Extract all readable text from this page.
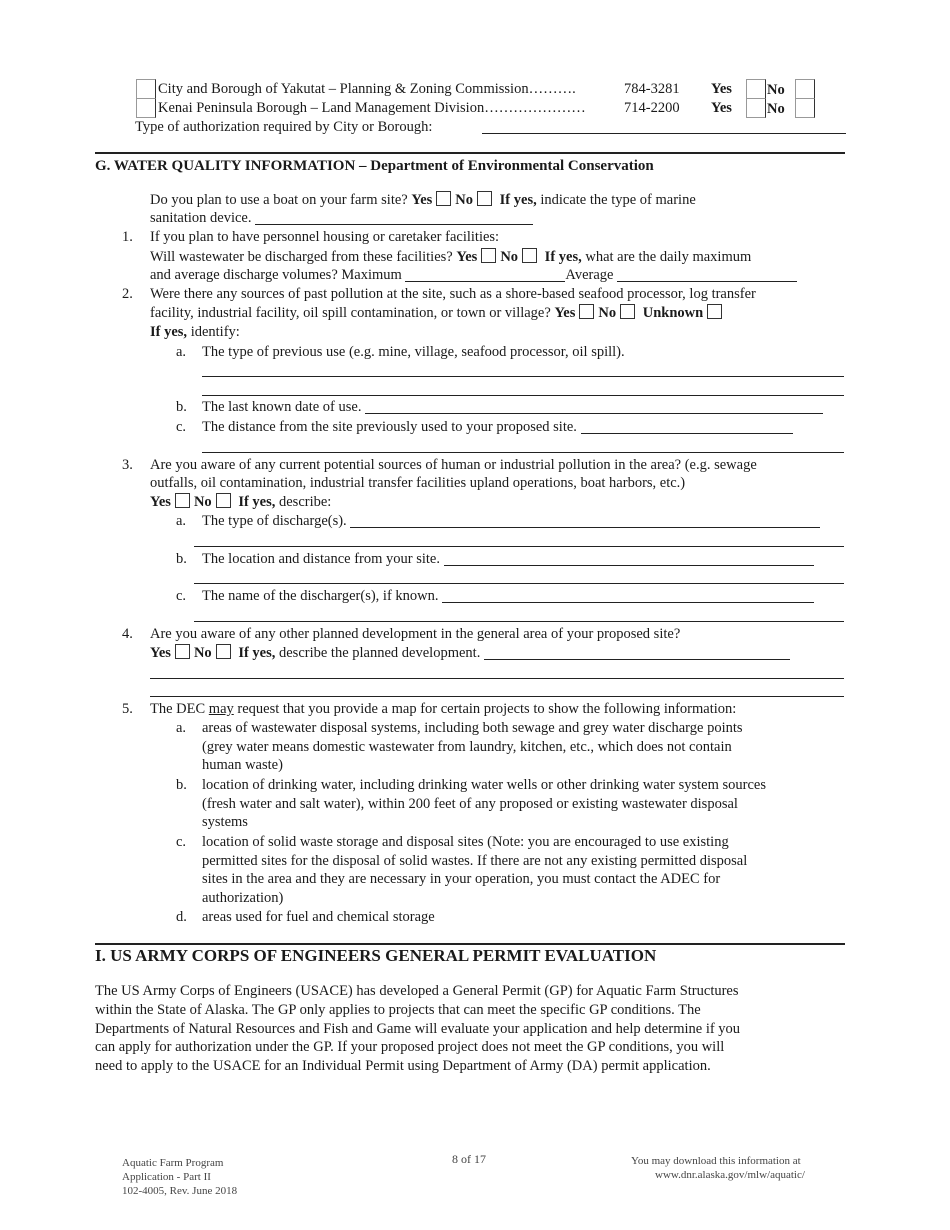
City and Borough of Yakutat – Planning & Zoning Commission……….	784-3281 Yes No
Kenai Peninsula Borough – Land Management Division…………………	714-2200 Yes No
Type of authorization required by City or Borough:
G. WATER QUALITY INFORMATION – Department of Environmental Conservation
Do you plan to use a boat on your farm site? Yes No If yes, indicate the type of marine
sanitation device.
1. If you plan to have personnel housing or caretaker facilities:
Will wastewater be discharged from these facilities? Yes No If yes, what are the daily maximum
and average discharge volumes? Maximum	Average
2. Were there any sources of past pollution at the site, such as a shore-based seafood processor, log transfer
facility, industrial facility, oil spill contamination, or town or village? Yes No Unknown
If yes, identify:
a. The type of previous use (e.g. mine, village, seafood processor, oil spill).
b. The last known date of use.
c. The distance from the site previously used to your proposed site.
3. Are you aware of any current potential sources of human or industrial pollution in the area? (e.g. sewage
outfalls, oil contamination, industrial transfer facilities upland operations, boat harbors, etc.)
Yes No If yes, describe:
a. The type of discharge(s).
b. The location and distance from your site.
c. The name of the discharger(s), if known.
4. Are you aware of any other planned development in the general area of your proposed site?
Yes No If yes, describe the planned development.
5. The DEC may request that you provide a map for certain projects to show the following information:
a. areas of wastewater disposal systems, including both sewage and grey water discharge points
(grey water means domestic wastewater from laundry, kitchen, etc., which does not contain
human waste)
b. location of drinking water, including drinking water wells or other drinking water system sources
(fresh water and salt water), within 200 feet of any proposed or existing wastewater disposal
systems
c. location of solid waste storage and disposal sites (Note: you are encouraged to use existing
permitted sites for the disposal of solid wastes. If there are not any existing permitted disposal
sites in the area and they are necessary in your operation, you must contact the ADEC for
authorization)
d. areas used for fuel and chemical storage
I. US ARMY CORPS OF ENGINEERS GENERAL PERMIT EVALUATION
The US Army Corps of Engineers (USACE) has developed a General Permit (GP) for Aquatic Farm Structures
within the State of Alaska. The GP only applies to projects that can meet the specific GP conditions. The
Departments of Natural Resources and Fish and Game will evaluate your application and help determine if you
can apply for authorization under the GP. If your proposed project does not meet the GP conditions, you will
need to apply to the USACE for an Individual Permit using Department of Army (DA) permit application.
Aquatic Farm Program
Application - Part II
102-4005, Rev. June 2018
8 of 17	You may download this information at
www.dnr.alaska.gov/mlw/aquatic/
